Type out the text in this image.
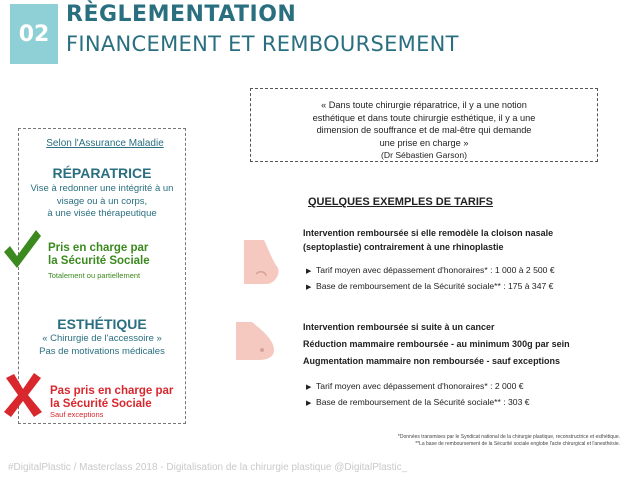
02
RÈGLEMENTATION
FINANCEMENT ET REMBOURSEMENT
« Dans toute chirurgie réparatrice, il y a une notion
esthétique et dans toute chirurgie esthétique, il y a une
dimension de souffrance et de mal-être qui demande
une prise en charge »
(Dr Sébastien Garson)
Selon l'Assurance Maladie
RÉPARATRICE
Vise à redonner une intégrité à un
visage ou à un corps,
à une visée thérapeutique
Pris en charge par
la Sécurité Sociale
Totalement ou partiellement
ESTHÉTIQUE
« Chirurgie de l'accessoire »
Pas de motivations médicales
Pas pris en charge par
la Sécurité Sociale
Sauf exceptions
QUELQUES EXEMPLES DE TARIFS
Intervention remboursée si elle remodèle la cloison nasale
(septoplastie) contrairement à une rhinoplastie
▶ Tarif moyen avec dépassement d'honoraires* : 1 000 à 2 500 €
▶ Base de remboursement de la Sécurité sociale** : 175 à 347 €
Intervention remboursée si suite à un cancer
Réduction mammaire remboursée - au minimum 300g par sein
Augmentation mammaire non remboursée - sauf exceptions
▶ Tarif moyen avec dépassement d'honoraires* : 2 000 €
▶ Base de remboursement de la Sécurité sociale** : 303 €
*Données transmises par le Syndicat national de la chirurgie plastique, reconstructrice et esthétique.
**La base de remboursement de la Sécurité sociale englobe l'acte chirurgical et l'anesthésie.
#DigitalPlastic / Masterclass 2018 - Digitalisation de la chirurgie plastique @DigitalPlastic_
